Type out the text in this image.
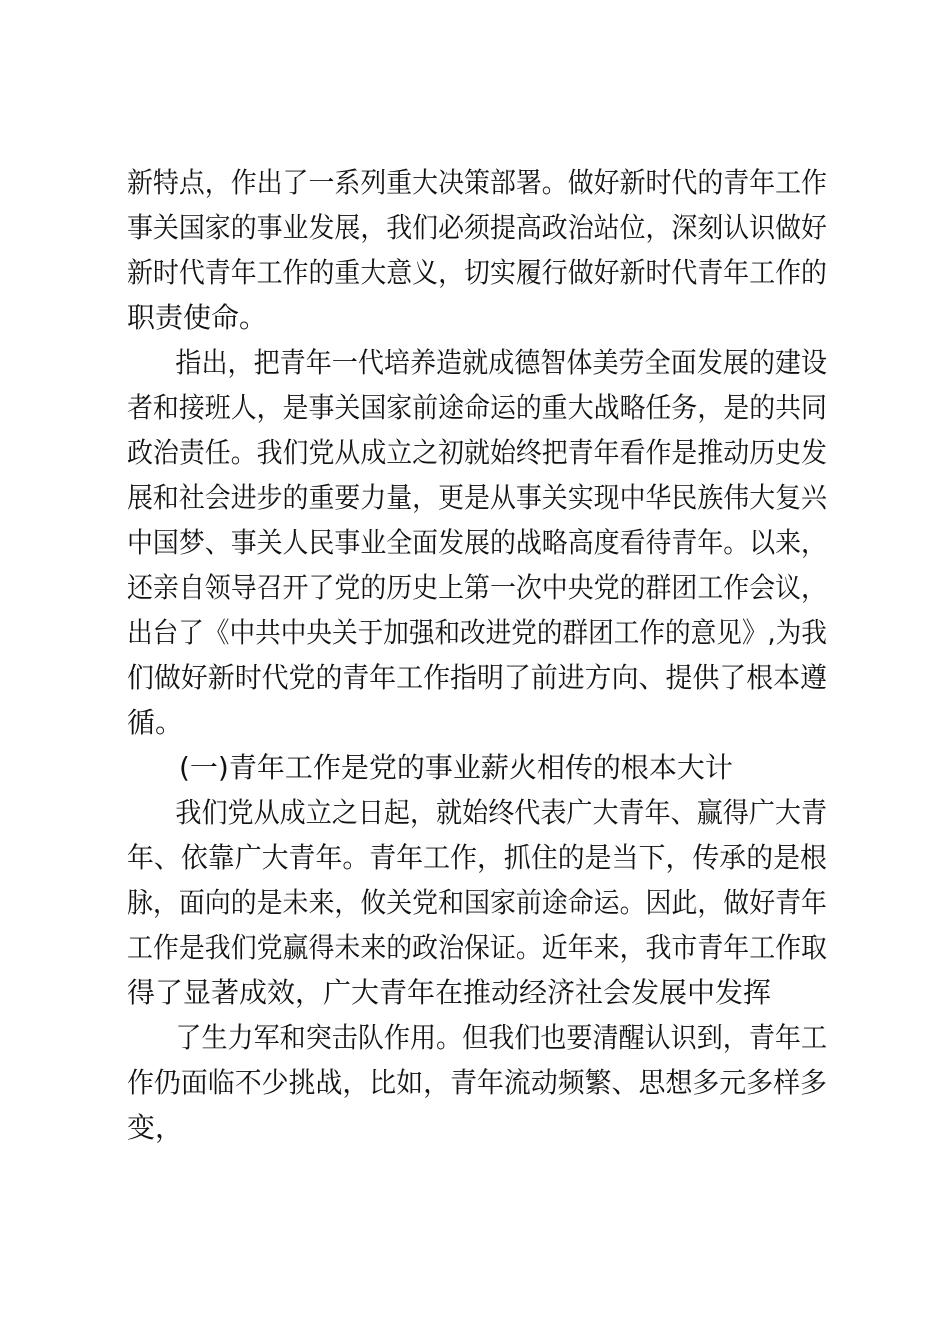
新特点，作出了一系列重大决策部署。做好新时代的青年工作
事关国家的事业发展，我们必须提高政治站位，深刻认识做好
新时代青年工作的重大意义，切实履行做好新时代青年工作的
职责使命。
指出，把青年一代培养造就成德智体美劳全面发展的建设
者和接班人，是事关国家前途命运的重大战略任务，是的共同
政治责任。我们党从成立之初就始终把青年看作是推动历史发
展和社会进步的重要力量，更是从事关实现中华民族伟大复兴
中国梦、事关人民事业全面发展的战略高度看待青年。以来，
还亲自领导召开了党的历史上第一次中央党的群团工作会议，
出台了《中共中央关于加强和改进党的群团工作的意见》,为我
们做好新时代党的青年工作指明了前进方向、提供了根本遵
循。
(一)青年工作是党的事业薪火相传的根本大计
我们党从成立之日起，就始终代表广大青年、赢得广大青
年、依靠广大青年。青年工作，抓住的是当下，传承的是根
脉，面向的是未来，攸关党和国家前途命运。因此，做好青年
工作是我们党赢得未来的政治保证。近年来，我市青年工作取
得了显著成效，广大青年在推动经济社会发展中发挥
了生力军和突击队作用。但我们也要清醒认识到，青年工
作仍面临不少挑战，比如，青年流动频繁、思想多元多样多
变，
